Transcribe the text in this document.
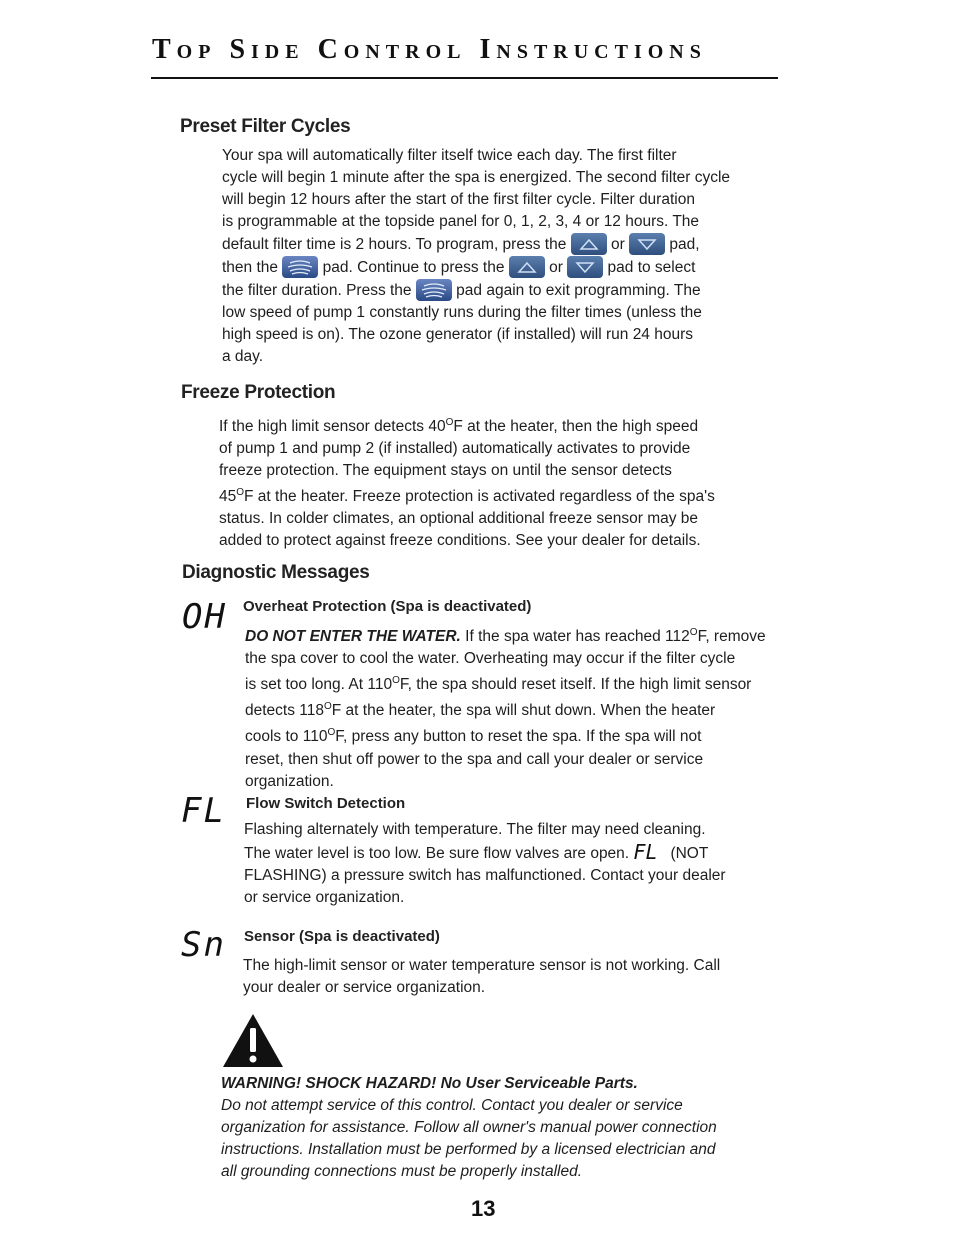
Top Side Control Instructions
Preset Filter Cycles
Your spa will automatically filter itself twice each day. The first filter
cycle will begin 1 minute after the spa is energized. The second filter cycle
will begin 12 hours after the start of the first filter cycle. Filter duration
is programmable at the topside panel for 0, 1, 2, 3, 4 or 12 hours. The
default filter time is 2 hours. To program, press the	or	pad,
then the	pad. Continue to press the	or	pad to select
the filter duration. Press the	pad again to exit programming. The
low speed of pump 1 constantly runs during the filter times (unless the
high speed is on). The ozone generator (if installed) will run 24 hours
a day.
Freeze Protection
If the high limit sensor detects $40^OF$ at the heater, then the high speed
of pump 1 and pump 2 (if installed) automatically activates to provide
freeze protection. The equipment stays on until the sensor detects
$45^OF$ at the heater. Freeze protection is activated regardless of the spa's
status. In colder climates, an optional additional freeze sensor may be
added to protect against freeze conditions. See your dealer for details.
Diagnostic Messages
OH Overheat Protection (Spa is deactivated)
DO NOT ENTER THE WATER. If the spa water has reached $112^OF$, remove
the spa cover to cool the water. Overheating may occur if the filter cycle
is set too long. At $110^OF$, the spa should reset itself. If the high limit sensor
detects $118^OF$ at the heater, the spa will shut down. When the heater
cools to $110^OF$, press any button to reset the spa. If the spa will not
reset, then shut off power to the spa and call your dealer or service
organization.
FL Flow Switch Detection
Flashing alternately with temperature. The filter may need cleaning.
The water level is too low. Be sure flow valves are open. FL (NOT
FLASHING) a pressure switch has malfunctioned. Contact your dealer
or service organization.
Sn Sensor (Spa is deactivated)
The high-limit sensor or water temperature sensor is not working. Call
your dealer or service organization.
WARNING! SHOCK HAZARD! No User Serviceable Parts.
Do not attempt service of this control. Contact you dealer or service
organization for assistance. Follow all owner's manual power connection
instructions. Installation must be performed by a licensed electrician and
all grounding connections must be properly installed.

13
